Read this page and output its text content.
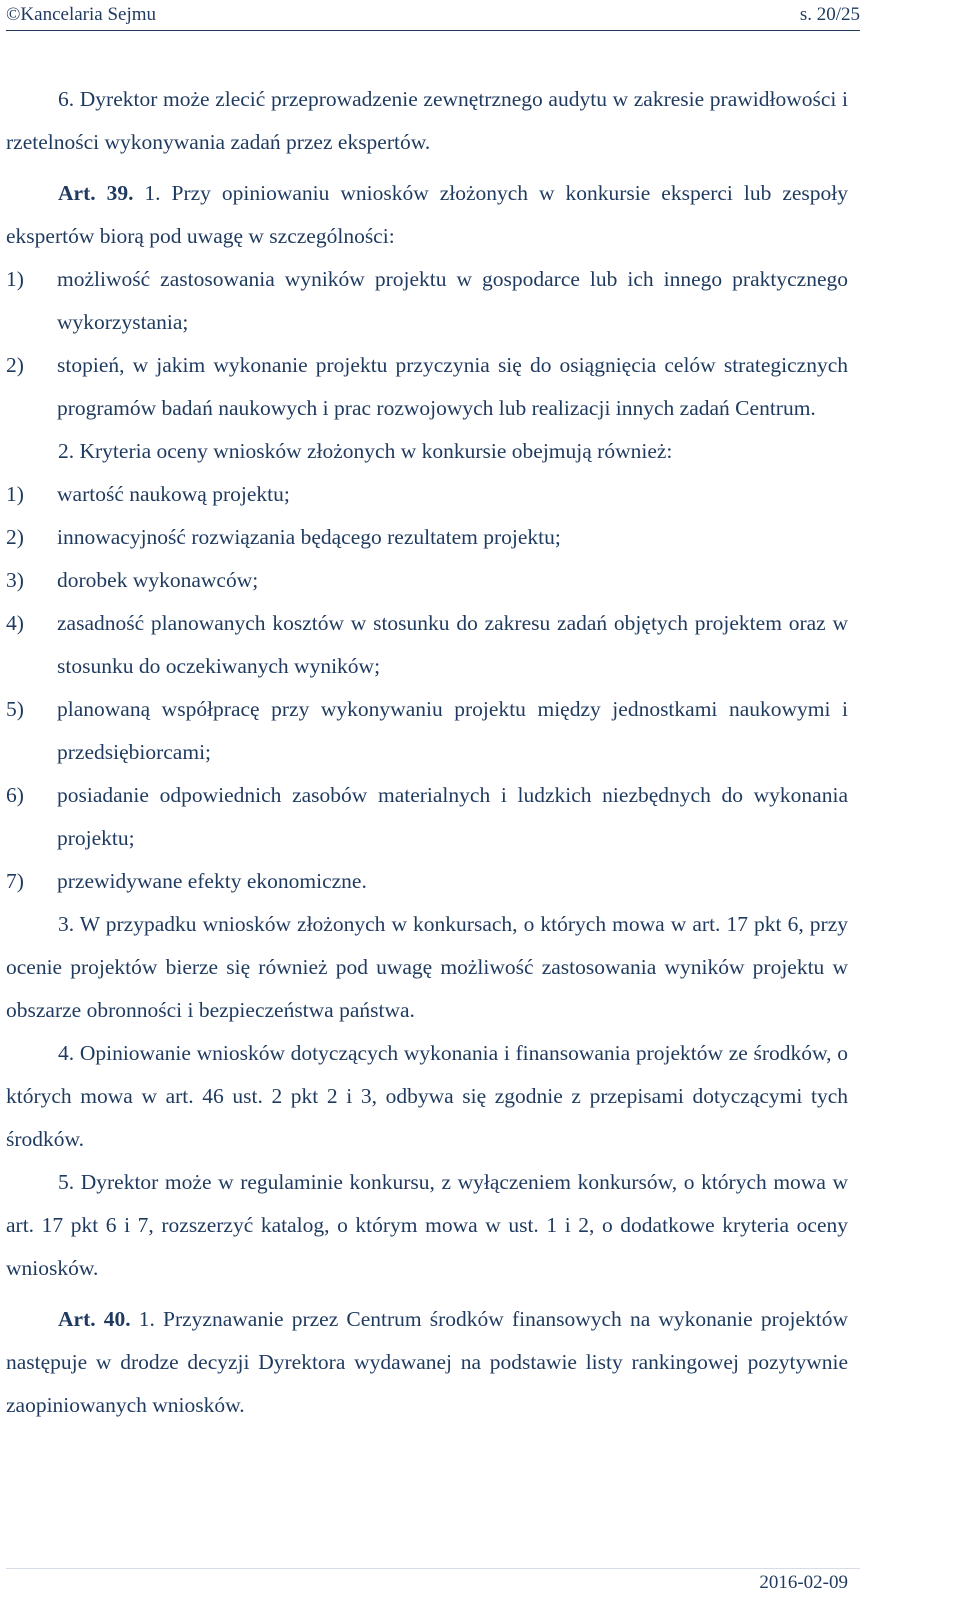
©Kancelaria Sejmu	s. 20/25

6. Dyrektor może zlecić przeprowadzenie zewnętrznego audytu w zakresie prawidłowości i rzetelności wykonywania zadań przez ekspertów.

Art. 39. 1. Przy opiniowaniu wniosków złożonych w konkursie eksperci lub zespoły ekspertów biorą pod uwagę w szczególności:

1) możliwość zastosowania wyników projektu w gospodarce lub ich innego praktycznego wykorzystania;
2) stopień, w jakim wykonanie projektu przyczynia się do osiągnięcia celów strategicznych programów badań naukowych i prac rozwojowych lub realizacji innych zadań Centrum.

2. Kryteria oceny wniosków złożonych w konkursie obejmują również:

1) wartość naukową projektu;
2) innowacyjność rozwiązania będącego rezultatem projektu;
3) dorobek wykonawców;
4) zasadność planowanych kosztów w stosunku do zakresu zadań objętych projektem oraz w stosunku do oczekiwanych wyników;
5) planowaną współpracę przy wykonywaniu projektu między jednostkami naukowymi i przedsiębiorcami;
6) posiadanie odpowiednich zasobów materialnych i ludzkich niezbędnych do wykonania projektu;
7) przewidywane efekty ekonomiczne.

3. W przypadku wniosków złożonych w konkursach, o których mowa w art. 17 pkt 6, przy ocenie projektów bierze się również pod uwagę możliwość zastosowania wyników projektu w obszarze obronności i bezpieczeństwa państwa.

4. Opiniowanie wniosków dotyczących wykonania i finansowania projektów ze środków, o których mowa w art. 46 ust. 2 pkt 2 i 3, odbywa się zgodnie z przepisami dotyczącymi tych środków.

5. Dyrektor może w regulaminie konkursu, z wyłączeniem konkursów, o których mowa w art. 17 pkt 6 i 7, rozszerzyć katalog, o którym mowa w ust. 1 i 2, o dodatkowe kryteria oceny wniosków.

Art. 40. 1. Przyznawanie przez Centrum środków finansowych na wykonanie projektów następuje w drodze decyzji Dyrektora wydawanej na podstawie listy rankingowej pozytywnie zaopiniowanych wniosków.

2016-02-09
